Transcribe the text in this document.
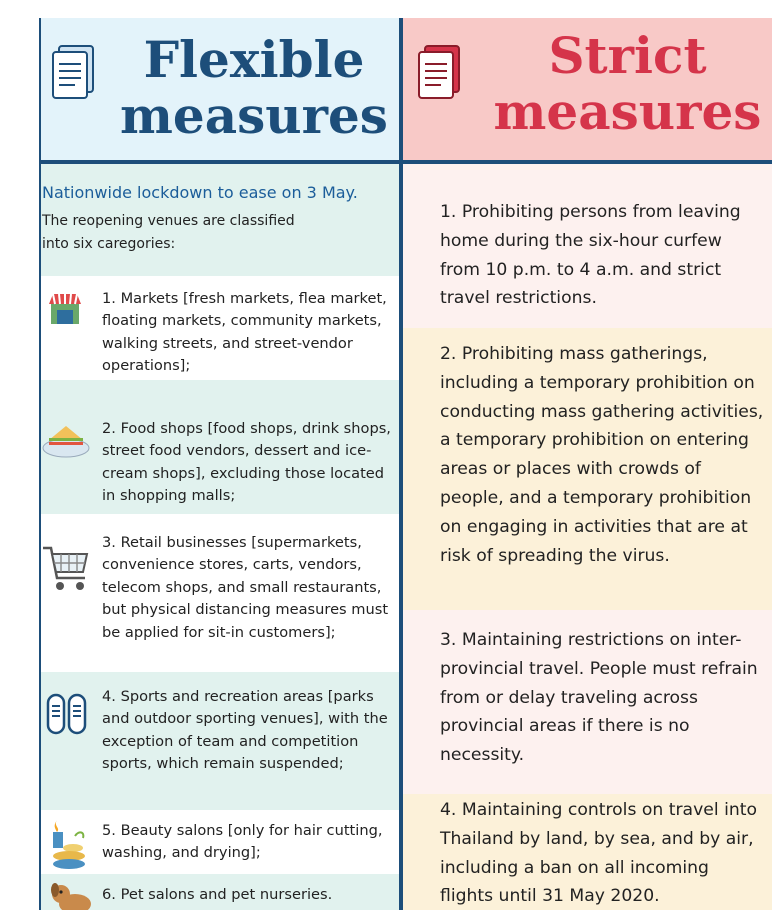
Flexible
measures
Nationwide lockdown to ease on 3 May.
The reopening venues are classified into six caregories:
1. Markets [fresh markets, flea market, floating markets, community markets, walking streets, and street-vendor operations];
2. Food shops [food shops, drink shops, street food vendors, dessert and ice-cream shops], excluding those located in shopping malls;
3. Retail businesses [supermarkets, convenience stores, carts, vendors, telecom shops, and small restaurants, but physical distancing measures must be applied for sit-in customers];
4. Sports and recreation areas [parks and outdoor sporting venues], with the exception of team and competition sports, which remain suspended;
5. Beauty salons [only for hair cutting, washing, and drying];
6. Pet salons and pet nurseries.
Strict
measures
1. Prohibiting persons from leaving home during the six-hour curfew from 10 p.m. to 4 a.m. and strict travel restrictions.
2. Prohibiting mass gatherings, including a temporary prohibition on conducting mass gathering activities, a temporary prohibition on entering areas or places with crowds of people, and a temporary prohibition on engaging in activities that are at risk of spreading the virus.
3. Maintaining restrictions on inter-provincial travel. People must refrain from or delay traveling across provincial areas if there is no necessity.
4. Maintaining controls on travel into Thailand by land, by sea, and by air, including a ban on all incoming flights until 31 May 2020.
